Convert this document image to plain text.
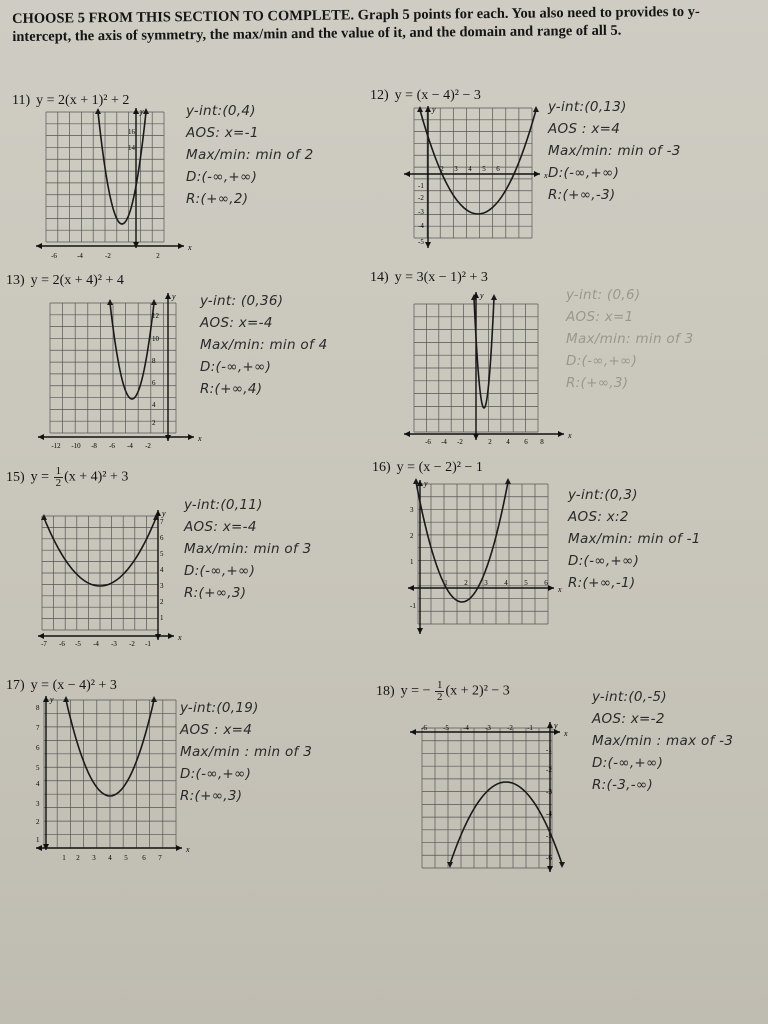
CHOOSE 5 FROM THIS SECTION TO COMPLETE. Graph 5 points for each. You also need to provides to y-intercept, the axis of symmetry, the max/min and the value of it, and the domain and range of all 5.
11) y = 2(x + 1)² + 2
x
y
-6	-4	-2	2
16
14
y-int:(0,4)
AOS: x=-1
Max/min: min of 2
D:(-∞,+∞)
R:(+∞,2)
12) y = (x − 4)² − 3
x
y
2 3 4 5 6
-1
-2
-3
-4
-5
y-int:(0,13)
AOS : x=4
Max/min: min of -3
D:(-∞,+∞)
R:(+∞,-3)
13) y = 2(x + 4)² + 4
x
y
-12 -10 -8 -6 -4 -2
12
10
8
6
4
2
y-int: (0,36)
AOS: x=-4
Max/min: min of 4
D:(-∞,+∞)
R:(+∞,4)
14) y = 3(x − 1)² + 3
x
y
-6 -4 -2	2 4 6 8
y-int: (0,6)
AOS: x=1
Max/min: min of 3
D:(-∞,+∞)
R:(+∞,3)
15) $y = \frac{1}{2} (x + 4)^2 + 3$
x
y
-7 -6 -5 -4 -3 -2 -1
7
6
5
4
3
2
1
y-int:(0,11)
AOS: x=-4
Max/min: min of 3
D:(-∞,+∞)
R:(+∞,3)
16) y = (x − 2)² − 1
x
y
1 2 3 4 5 6
3
2
1
-1
y-int:(0,3)
AOS: x:2
Max/min: min of -1
D:(-∞,+∞)
R:(+∞,-1)
17) y = (x − 4)² + 3
x
y
1 2 3 4 5 6 7
8
7
6
5
4
3
2
1
y-int:(0,19)
AOS : x=4
Max/min : min of 3
D:(-∞,+∞)
R:(+∞,3)
18) y = − $\frac{1}{2} (x + 2)^2 - 3$
x
y
-6 -5 -4 -3 -2 -1
-1
-2
-3
-4
-5
-6
y-int:(0,-5)
AOS: x=-2
Max/min : max of -3
D:(-∞,+∞)
R:(-3,-∞)
